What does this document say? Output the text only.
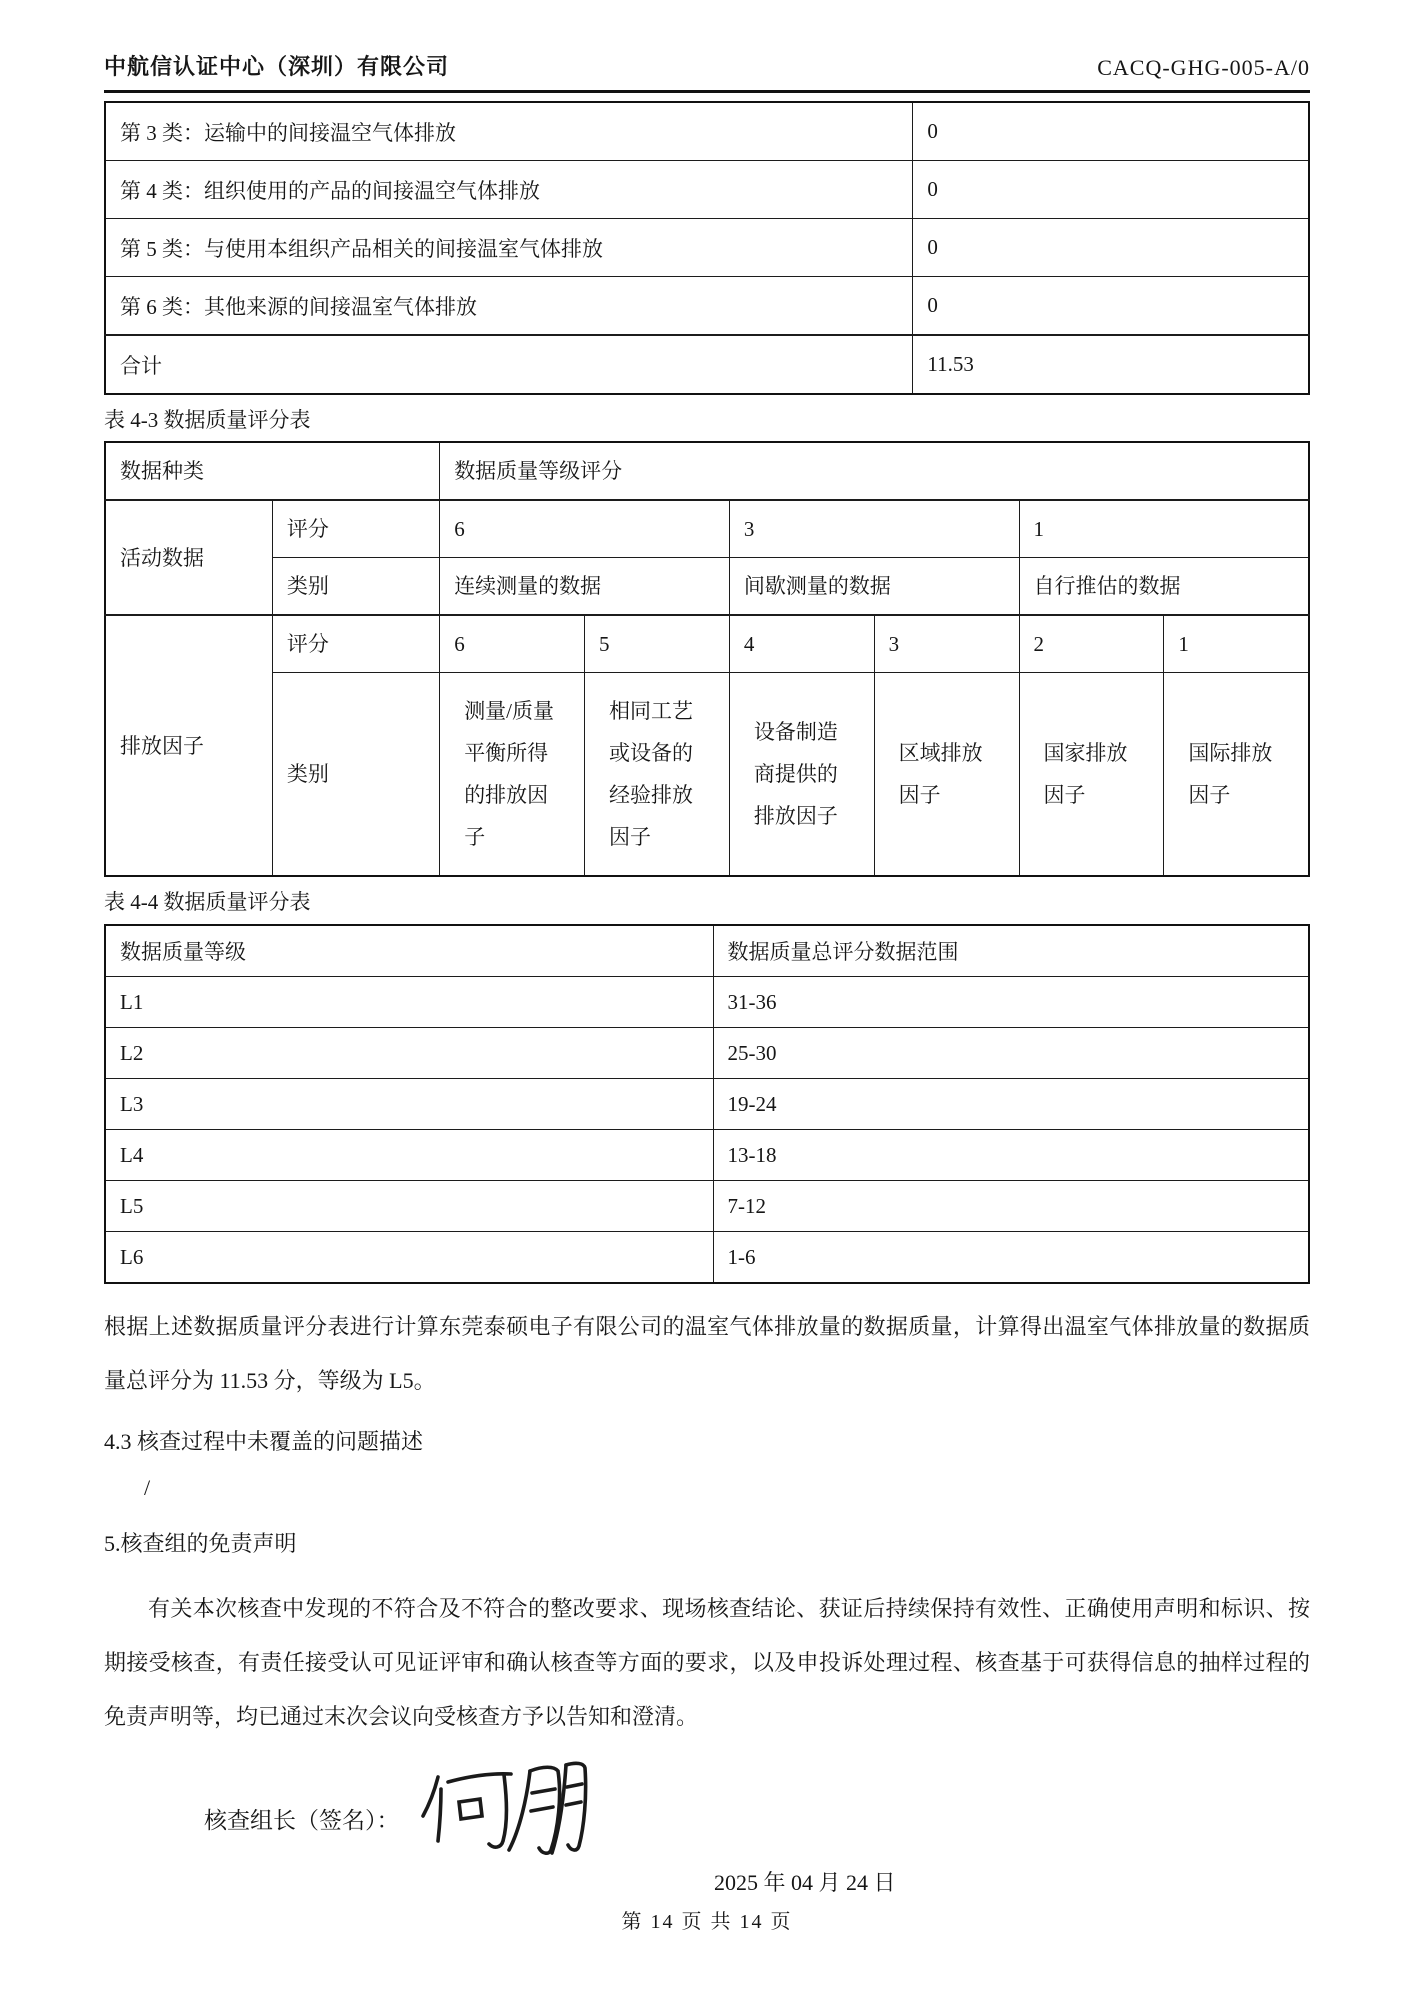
中航信认证中心（深圳）有限公司	CACQ-GHG-005-A/0
第 3 类：运输中的间接温空气体排放	0
第 4 类：组织使用的产品的间接温空气体排放	0
第 5 类：与使用本组织产品相关的间接温室气体排放	0
第 6 类：其他来源的间接温室气体排放	0
合计	11.53
表 4-3 数据质量评分表
数据种类		数据质量等级评分					
活动数据	评分	6		3		1	
	类别	连续测量的数据		间歇测量的数据		自行推估的数据	
排放因子	评分	6	5	4	3	2	1
	类别	测量/质量平衡所得的排放因子	相同工艺或设备的经验排放因子	设备制造商提供的排放因子	区域排放因子	国家排放因子	国际排放因子
表 4-4 数据质量评分表
数据质量等级	数据质量总评分数据范围
L1	31-36
L2	25-30
L3	19-24
L4	13-18
L5	7-12
L6	1-6

根据上述数据质量评分表进行计算东莞泰硕电子有限公司的温室气体排放量的数据质量，计算得出温室气体排放量的数据质量总评分为 11.53 分，等级为 L5。

4.3 核查过程中未覆盖的问题描述
/
5.核查组的免责声明

有关本次核查中发现的不符合及不符合的整改要求、现场核查结论、获证后持续保持有效性、正确使用声明和标识、按期接受核查，有责任接受认可见证评审和确认核查等方面的要求，以及申投诉处理过程、核查基于可获得信息的抽样过程的免责声明等，均已通过末次会议向受核查方予以告知和澄清。

核查组长（签名）：
2025 年 04 月 24 日
第 14 页 共 14 页
